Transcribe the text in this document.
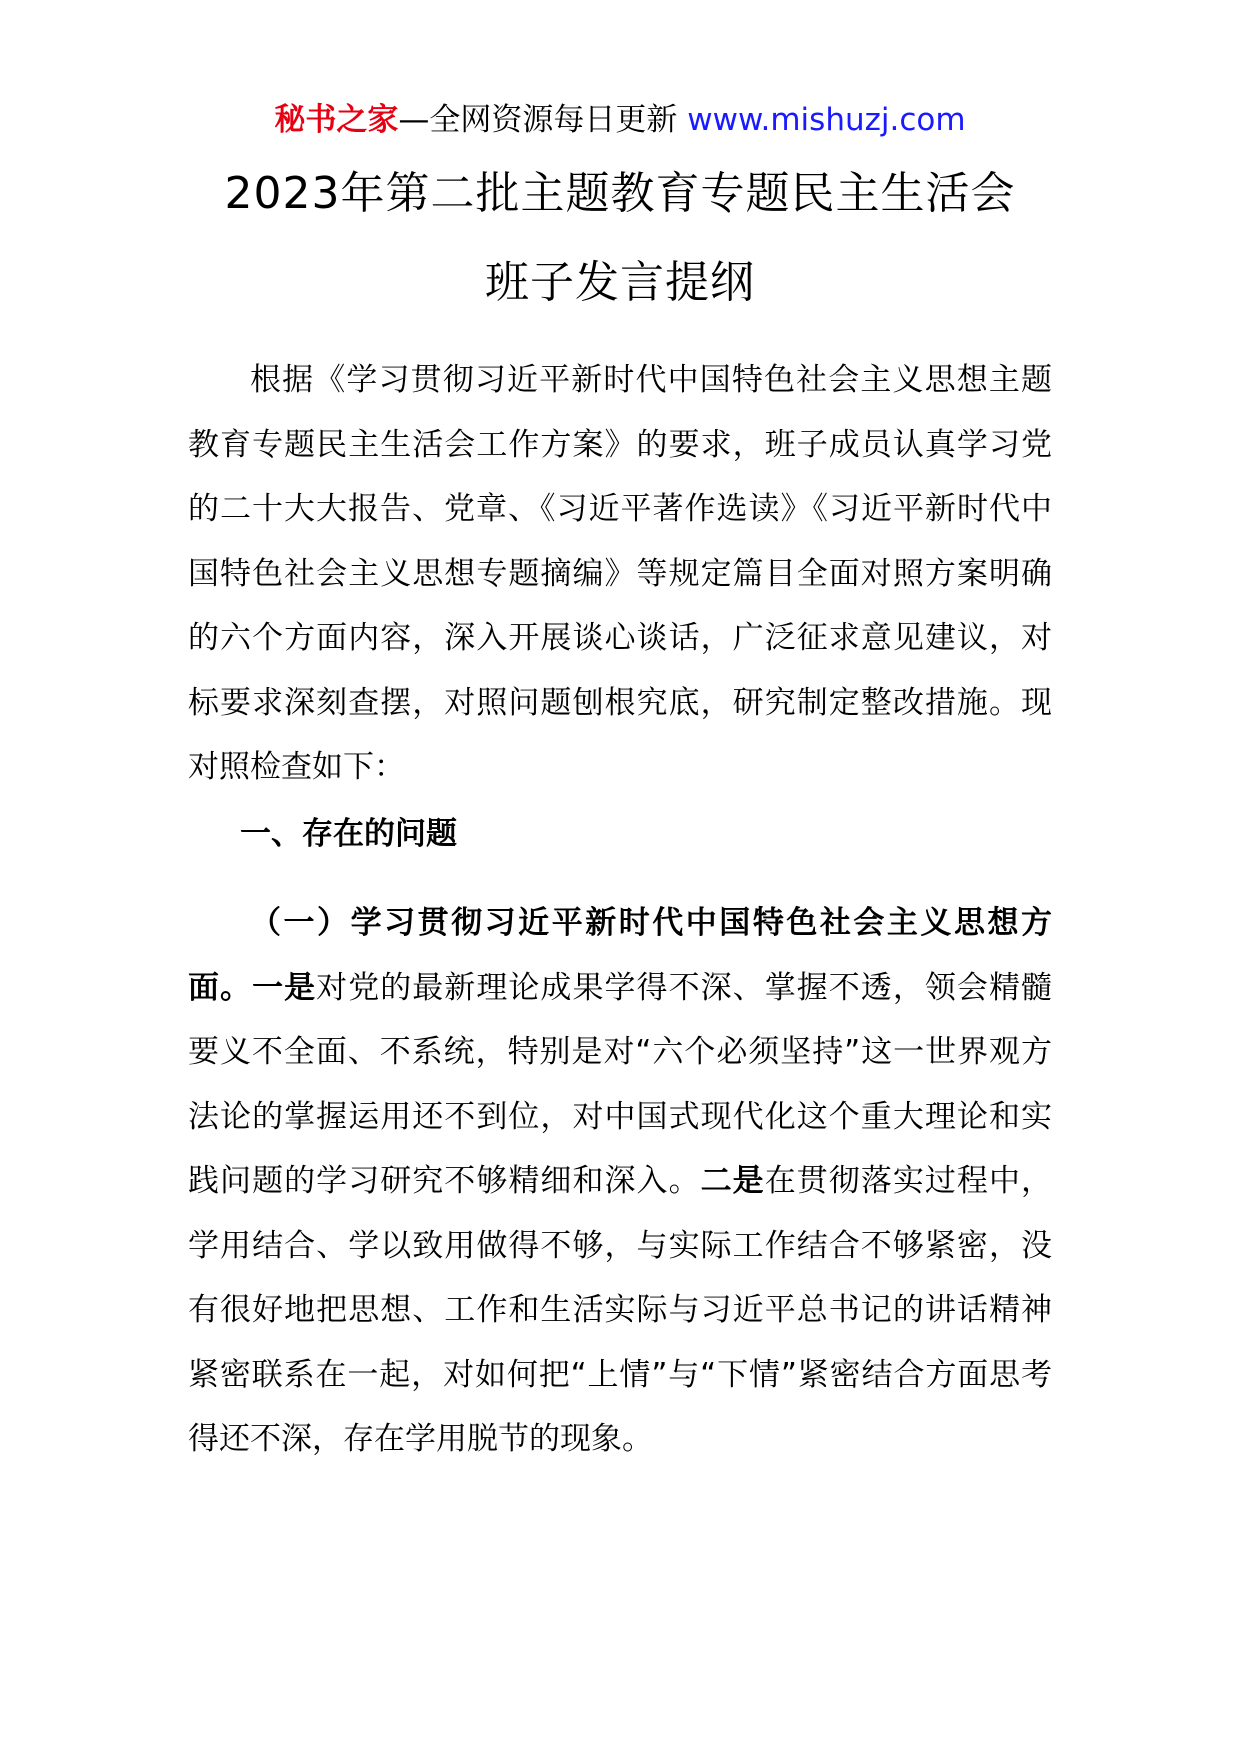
秘书之家—全网资源每日更新 www.mishuzj.com
2023年第二批主题教育专题民主生活会
班子发言提纲
根据《学习贯彻习近平新时代中国特色社会主义思想主题教育专题民主生活会工作方案》的要求，班子成员认真学习党的二十大大报告、党章、《习近平著作选读》《习近平新时代中国特色社会主义思想专题摘编》等规定篇目全面对照方案明确的六个方面内容，深入开展谈心谈话，广泛征求意见建议，对标要求深刻查摆，对照问题刨根究底，研究制定整改措施。现对照检查如下：
一、存在的问题
（一）学习贯彻习近平新时代中国特色社会主义思想方面。一是对党的最新理论成果学得不深、掌握不透，领会精髓要义不全面、不系统，特别是对“六个必须坚持”这一世界观方法论的掌握运用还不到位，对中国式现代化这个重大理论和实践问题的学习研究不够精细和深入。二是在贯彻落实过程中，学用结合、学以致用做得不够，与实际工作结合不够紧密，没有很好地把思想、工作和生活实际与习近平总书记的讲话精神紧密联系在一起，对如何把“上情”与“下情”紧密结合方面思考得还不深，存在学用脱节的现象。
